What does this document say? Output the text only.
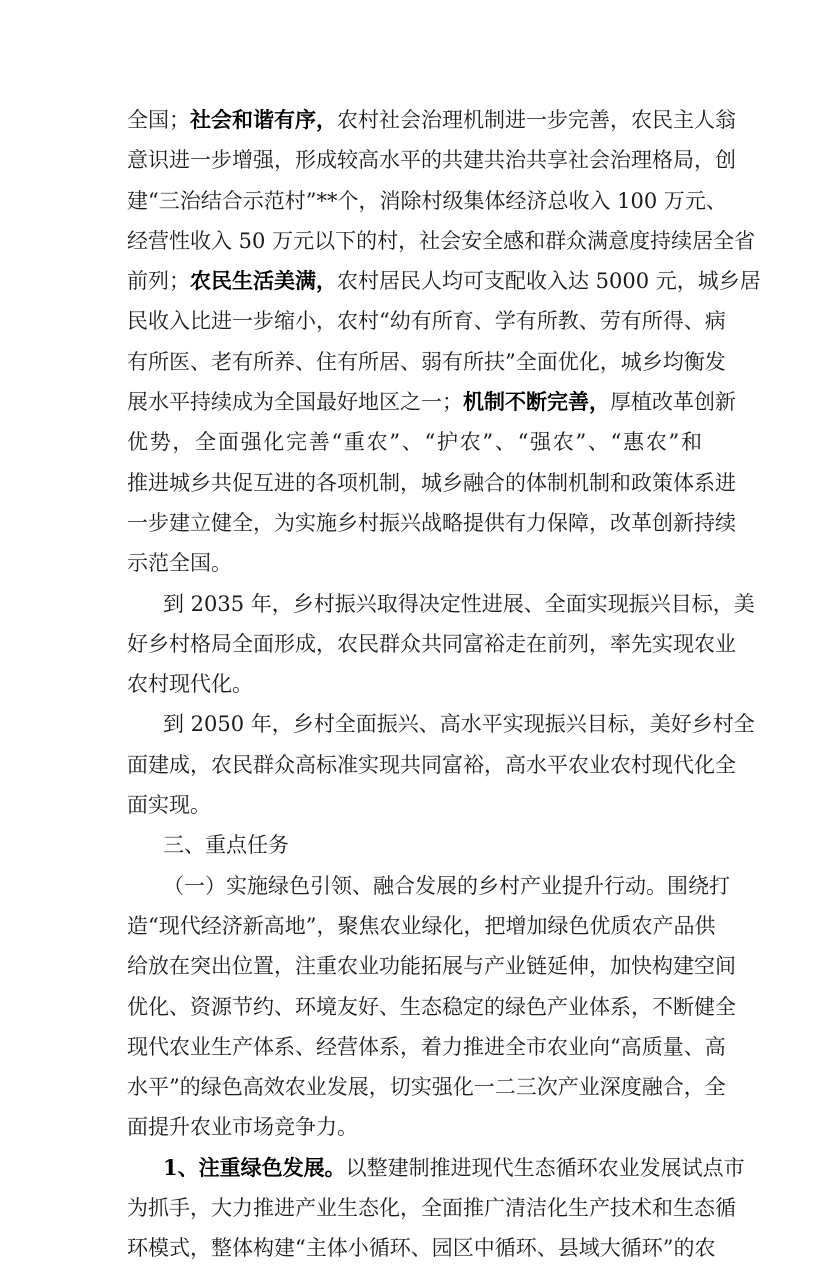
全国；社会和谐有序，农村社会治理机制进一步完善，农民主人翁
意识进一步增强，形成较高水平的共建共治共享社会治理格局，创
建“三治结合示范村”**个，消除村级集体经济总收入 100 万元、
经营性收入 50 万元以下的村，社会安全感和群众满意度持续居全省
前列；农民生活美满，农村居民人均可支配收入达 5000 元，城乡居
民收入比进一步缩小，农村“幼有所育、学有所教、劳有所得、病
有所医、老有所养、住有所居、弱有所扶”全面优化，城乡均衡发
展水平持续成为全国最好地区之一；机制不断完善，厚植改革创新
优势，全面强化完善“重农”、“护农”、“强农”、“惠农”和
推进城乡共促互进的各项机制，城乡融合的体制机制和政策体系进
一步建立健全，为实施乡村振兴战略提供有力保障，改革创新持续
示范全国。
到 2035 年，乡村振兴取得决定性进展、全面实现振兴目标，美
好乡村格局全面形成，农民群众共同富裕走在前列，率先实现农业
农村现代化。
到 2050 年，乡村全面振兴、高水平实现振兴目标，美好乡村全
面建成，农民群众高标准实现共同富裕，高水平农业农村现代化全
面实现。
三、重点任务
（一）实施绿色引领、融合发展的乡村产业提升行动。围绕打
造“现代经济新高地”，聚焦农业绿化，把增加绿色优质农产品供
给放在突出位置，注重农业功能拓展与产业链延伸，加快构建空间
优化、资源节约、环境友好、生态稳定的绿色产业体系，不断健全
现代农业生产体系、经营体系，着力推进全市农业向“高质量、高
水平”的绿色高效农业发展，切实强化一二三次产业深度融合，全
面提升农业市场竞争力。
1、注重绿色发展。以整建制推进现代生态循环农业发展试点市
为抓手，大力推进产业生态化，全面推广清洁化生产技术和生态循
环模式，整体构建“主体小循环、园区中循环、县域大循环”的农
